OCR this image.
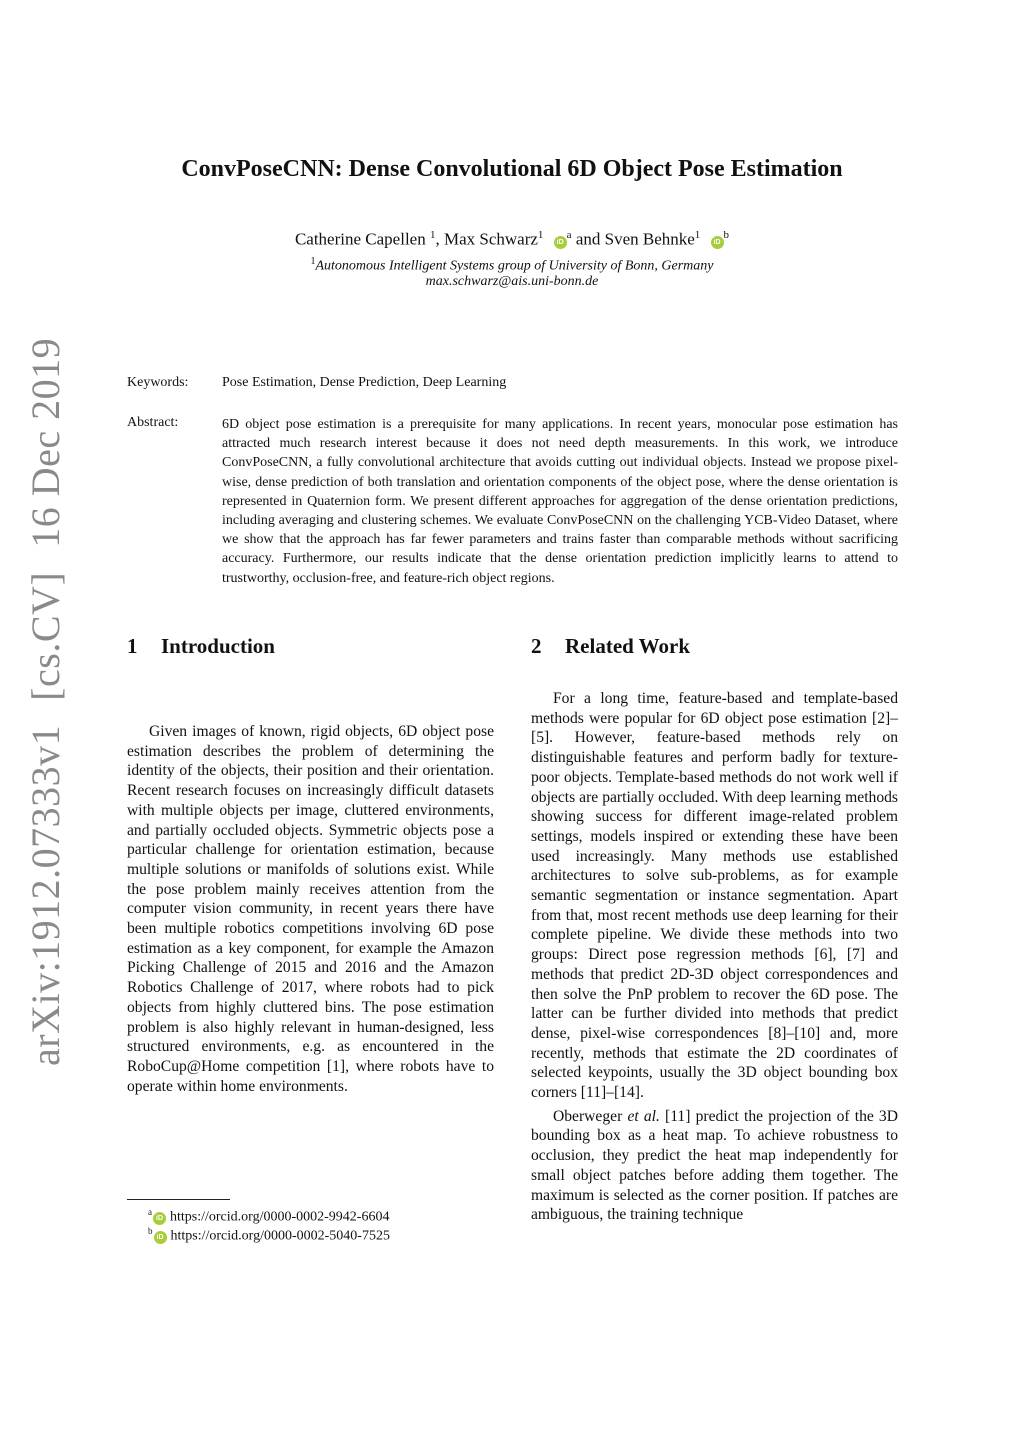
arXiv:1912.07333v1[cs.CV]16 Dec 2019
ConvPoseCNN: Dense Convolutional 6D Object Pose Estimation
Catherine Capellen $^1$, Max Schwarz$^1$ $iD^a$ and Sven Behnke$^1$ $iD^b$
$^1$Autonomous Intelligent Systems group of University of Bonn, Germany
max.schwarz@ais.uni-bonn.de
Keywords: Pose Estimation, Dense Prediction, Deep Learning
Abstract:	6D object pose estimation is a prerequisite for many applications. In recent years, monocular pose estimation has attracted much research interest because it does not need depth measurements. In this work, we introduce ConvPoseCNN, a fully convolutional architecture that avoids cutting out individual objects. Instead we propose pixel-wise, dense prediction of both translation and orientation components of the object pose, where the dense orientation is represented in Quaternion form. We present different approaches for aggregation of the dense orientation predictions, including averaging and clustering schemes. We evaluate ConvPoseCNN on the challenging YCB-Video Dataset, where we show that the approach has far fewer parameters and trains faster than comparable methods without sacrificing accuracy. Furthermore, our results indicate that the dense orientation prediction implicitly learns to attend to trustworthy, occlusion-free, and feature-rich object regions.
1 Introduction	2 Related Work

Given images of known, rigid objects, 6D object pose estimation describes the problem of determining the identity of the objects, their position and their orientation. Recent research focuses on increasingly difficult datasets with multiple objects per image, cluttered environments, and partially occluded objects. Symmetric objects pose a particular challenge for orientation estimation, because multiple solutions or manifolds of solutions exist. While the pose problem mainly receives attention from the computer vision community, in recent years there have been multiple robotics competitions involving 6D pose estimation as a key component, for example the Amazon Picking Challenge of 2015 and 2016 and the Amazon Robotics Challenge of 2017, where robots had to pick objects from highly cluttered bins. The pose estimation problem is also highly relevant in human-designed, less structured environments, e.g. as encountered in the RoboCup@Home competition [1], where robots have to operate within home environments.

For a long time, feature-based and template-based methods were popular for 6D object pose estimation [2]–[5]. However, feature-based methods rely on distinguishable features and perform badly for texture-poor objects. Template-based methods do not work well if objects are partially occluded. With deep learning methods showing success for different image-related problem settings, models inspired or extending these have been used increasingly. Many methods use established architectures to solve sub-problems, as for example semantic segmentation or instance segmentation. Apart from that, most recent methods use deep learning for their complete pipeline. We divide these methods into two groups: Direct pose regression methods [6], [7] and methods that predict 2D-3D object correspondences and then solve the PnP problem to recover the 6D pose. The latter can be further divided into methods that predict dense, pixel-wise correspondences [8]–[10] and, more recently, methods that estimate the 2D coordinates of selected keypoints, usually the 3D object bounding box corners [11]–[14].

Oberweger et al. [11] predict the projection of the 3D bounding box as a heat map. To achieve robustness to occlusion, they predict the heat map independently for small object patches before adding them together. The maximum is selected as the corner position. If patches are ambiguous, the training technique

$^a$iD https://orcid.org/0000-0002-9942-6604
$^b$iD https://orcid.org/0000-0002-5040-7525
